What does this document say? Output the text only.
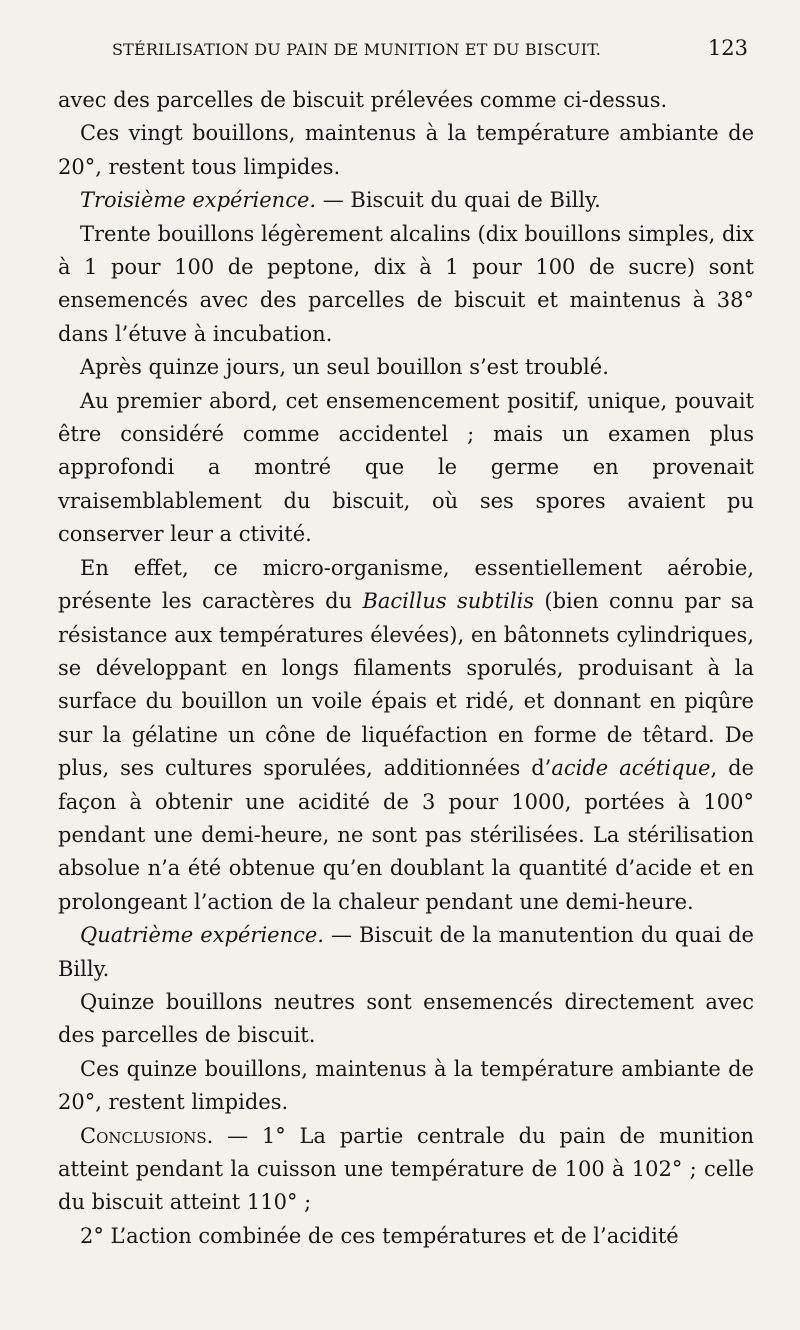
STÉRILISATION DU PAIN DE MUNITION ET DU BISCUIT.	123

avec des parcelles de biscuit prélevées comme ci-dessus.

Ces vingt bouillons, maintenus à la température ambiante de 20°, restent tous limpides.

Troisième expérience. — Biscuit du quai de Billy.

Trente bouillons légèrement alcalins (dix bouillons simples, dix à 1 pour 100 de peptone, dix à 1 pour 100 de sucre) sont ensemencés avec des parcelles de biscuit et maintenus à 38° dans l’étuve à incubation.

Après quinze jours, un seul bouillon s’est troublé.

Au premier abord, cet ensemencement positif, unique, pouvait être considéré comme accidentel ; mais un examen plus approfondi a montré que le germe en provenait vraisemblablement du biscuit, où ses spores avaient pu conserver leur a ctivité.

En effet, ce micro-organisme, essentiellement aérobie, présente les caractères du Bacillus subtilis (bien connu par sa résistance aux températures élevées), en bâtonnets cylindriques, se développant en longs filaments sporulés, produisant à la surface du bouillon un voile épais et ridé, et donnant en piqûre sur la gélatine un cône de liquéfaction en forme de têtard. De plus, ses cultures sporulées, additionnées d’acide acétique, de façon à obtenir une acidité de 3 pour 1000, portées à 100° pendant une demi-heure, ne sont pas stérilisées. La stérilisation absolue n’a été obtenue qu’en doublant la quantité d’acide et en prolongeant l’action de la chaleur pendant une demi-heure.

Quatrième expérience. — Biscuit de la manutention du quai de Billy.

Quinze bouillons neutres sont ensemencés directement avec des parcelles de biscuit.

Ces quinze bouillons, maintenus à la température ambiante de 20°, restent limpides.

Conclusions. — 1° La partie centrale du pain de munition atteint pendant la cuisson une température de 100 à 102° ; celle du biscuit atteint 110° ;

2° L’action combinée de ces températures et de l’acidité
